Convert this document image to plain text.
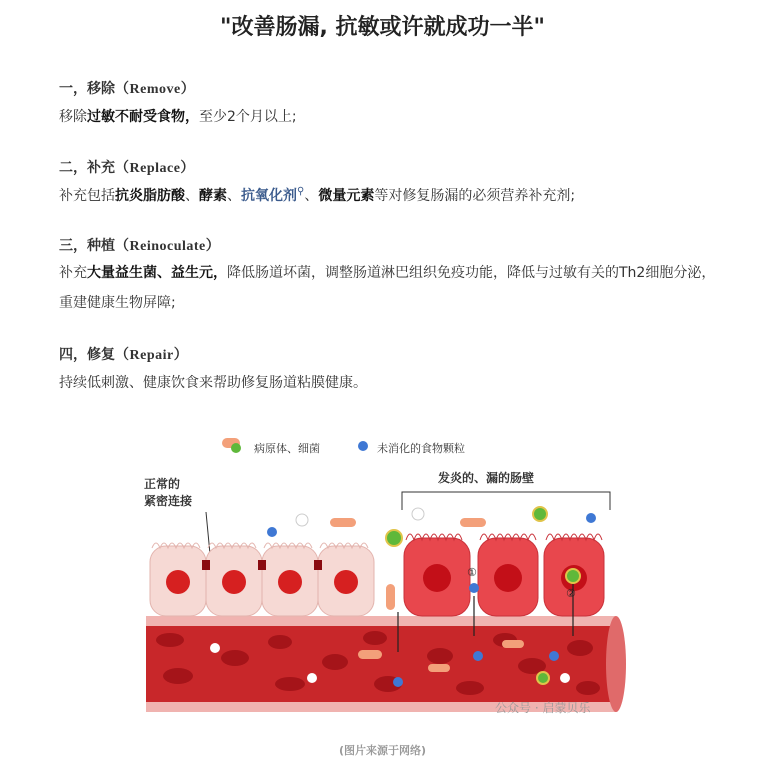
"改善肠漏, 抗敏或许就成功一半"
一，移除（Remove）
移除过敏不耐受食物，至少2个月以上;
二，补充（Replace）
补充包括抗炎脂肪酸、酵素、抗氧化剂⚲、微量元素等对修复肠漏的必须营养补充剂;
三，种植（Reinoculate）
补充大量益生菌、益生元，降低肠道坏菌，调整肠道淋巴组织免疫功能，降低与过敏有关的Th2细胞分泌，重建健康生物屏障;
四，修复（Repair）
持续低刺激、健康饮食来帮助修复肠道粘膜健康。
病原体、细菌	未消化的食物颗粒
正常的
紧密连接
发炎的、漏的肠壁
①
②
公众号 · 启蒙贝乐
(图片来源于网络)
